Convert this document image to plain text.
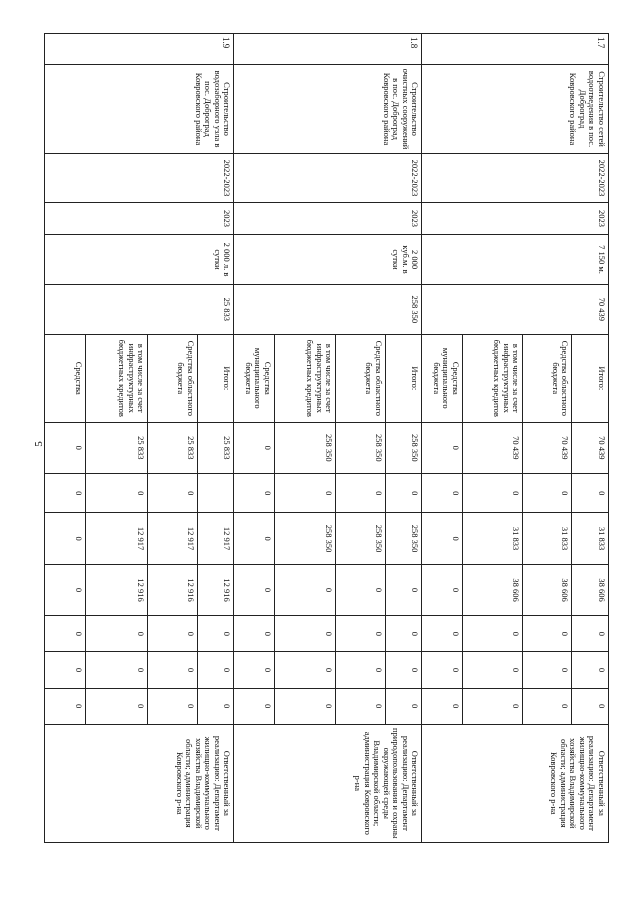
5
1.7	Строительство сетей водоотведения в пос. Доброград Ковровского района	2022-2023	2023	7 150 м.	70 439	Итого:	70 439	0	31 833	38 606	0	0	0	Ответственный за реализацию: Департамент жилищно-коммунального хозяйства Владимирской области; администрация Ковровского р-на
						Средства областного бюджета	70 439	0	31 833	38 606	0	0	0	
						в том числе за счет инфраструктурных бюджетных кредитов	70 439	0	31 833	38 606	0	0	0	
						Средства муниципального бюджета	0	0	0	0	0	0	0	
1.8	Строительство очистных сооружений в пос. Доброград Ковровского района	2022-2023	2023	2 000 куб.м. в сутки	258 350	Итого:	258 350	0	258 350	0	0	0	0	Ответственный за реализацию: Департамент природопользования и охраны окружающей среды Владимирской области; администрация Ковровского р-на
						Средства областного бюджета	258 350	0	258 350	0	0	0	0	
						в том числе за счет инфраструктурных бюджетных кредитов	258 350	0	258 350	0	0	0	0	
						Средства муниципального бюджета	0	0	0	0	0	0	0	
1.9	Строительство водозаборного узла в пос. Доброград Ковровского района	2022-2023	2023	2 000 л. в сутки	25 833	Итого:	25 833		12 917	12 916	0	0	0	Ответственный за реализацию: Департамент жилищно-коммунального хозяйства Владимирской области; администрация Ковровского р-на
						Средства областного бюджета	25 833	0	12 917	12 916	0	0	0	
						в том числе за счет инфраструктурных бюджетных кредитов	25 833	0	12 917	12 916	0	0	0	
						Средства	0	0	0	0	0	0	0	
